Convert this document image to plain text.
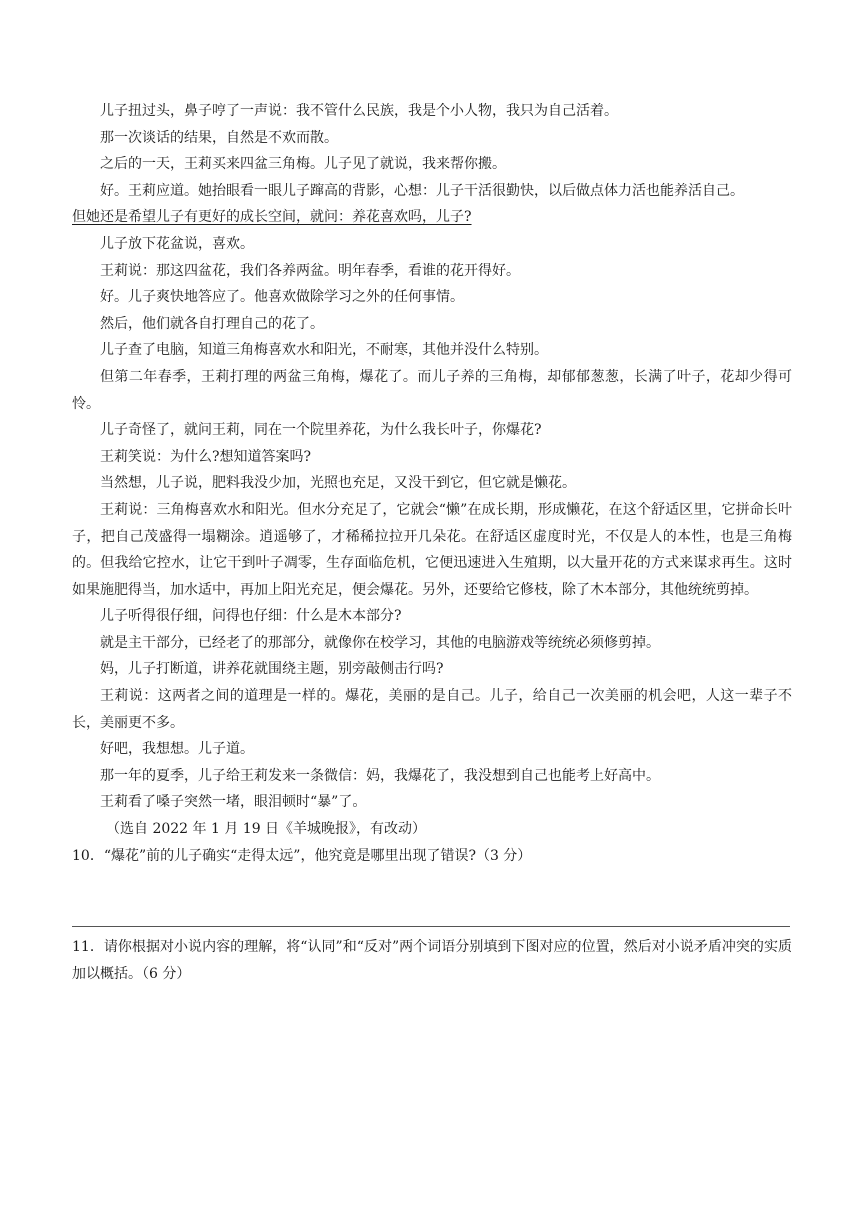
儿子扭过头，鼻子哼了一声说：我不管什么民族，我是个小人物，我只为自己活着。

那一次谈话的结果，自然是不欢而散。

之后的一天，王莉买来四盆三角梅。儿子见了就说，我来帮你搬。

好。王莉应道。她抬眼看一眼儿子蹿高的背影，心想：儿子干活很勤快，以后做点体力活也能养活自己。

但她还是希望儿子有更好的成长空间，就问：养花喜欢吗，儿子?

儿子放下花盆说，喜欢。

王莉说：那这四盆花，我们各养两盆。明年春季，看谁的花开得好。

好。儿子爽快地答应了。他喜欢做除学习之外的任何事情。

然后，他们就各自打理自己的花了。

儿子查了电脑，知道三角梅喜欢水和阳光，不耐寒，其他并没什么特别。

但第二年春季，王莉打理的两盆三角梅，爆花了。而儿子养的三角梅，却郁郁葱葱，长满了叶子，花却少得可怜。

儿子奇怪了，就问王莉，同在一个院里养花，为什么我长叶子，你爆花?

王莉笑说：为什么?想知道答案吗?

当然想，儿子说，肥料我没少加，光照也充足，又没干到它，但它就是懒花。

王莉说：三角梅喜欢水和阳光。但水分充足了，它就会“懒”在成长期，形成懒花，在这个舒适区里，它拼命长叶子，把自己茂盛得一塌糊涂。逍遥够了，才稀稀拉拉开几朵花。在舒适区虚度时光，不仅是人的本性，也是三角梅的。但我给它控水，让它干到叶子凋零，生存面临危机，它便迅速进入生殖期，以大量开花的方式来谋求再生。这时如果施肥得当，加水适中，再加上阳光充足，便会爆花。另外，还要给它修枝，除了木本部分，其他统统剪掉。

儿子听得很仔细，问得也仔细：什么是木本部分?

就是主干部分，已经老了的那部分，就像你在校学习，其他的电脑游戏等统统必须修剪掉。

妈，儿子打断道，讲养花就围绕主题，别旁敲侧击行吗?

王莉说：这两者之间的道理是一样的。爆花，美丽的是自己。儿子，给自己一次美丽的机会吧，人这一辈子不长，美丽更不多。

好吧，我想想。儿子道。

那一年的夏季，儿子给王莉发来一条微信：妈，我爆花了，我没想到自己也能考上好高中。

王莉看了嗓子突然一堵，眼泪顿时“暴”了。

（选自 2022 年 1 月 19 日《羊城晚报》，有改动）

10．“爆花”前的儿子确实“走得太远”，他究竟是哪里出现了错误?（3 分）

11．请你根据对小说内容的理解，将“认同”和“反对”两个词语分别填到下图对应的位置，然后对小说矛盾冲突的实质加以概括。（6 分）
